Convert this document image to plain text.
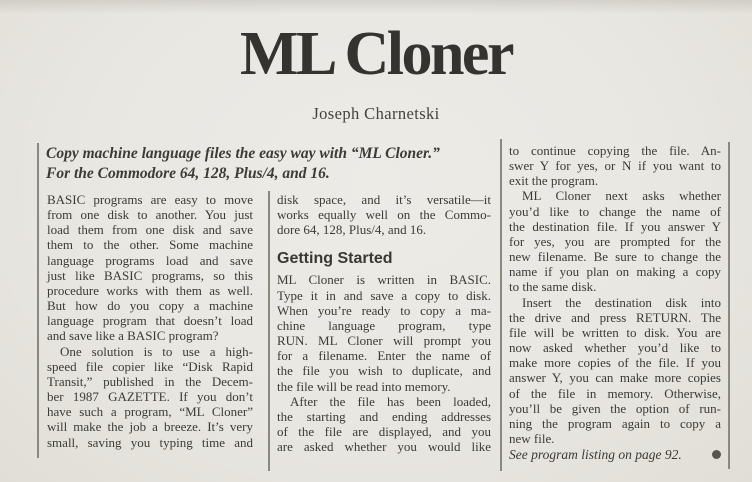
ML Cloner
Joseph Charnetski
Copy machine language files the easy way with “ML Cloner.”
For the Commodore 64, 128, Plus/4, and 16.
BASIC programs are easy to move
from one disk to another. You just
load them from one disk and save
them to the other. Some machine
language programs load and save
just like BASIC programs, so this
procedure works with them as well.
But how do you copy a machine
language program that doesn’t load
and save like a BASIC program?
One solution is to use a high-
speed file copier like “Disk Rapid
Transit,” published in the Decem-
ber 1987 GAZETTE. If you don’t
have such a program, “ML Cloner”
will make the job a breeze. It’s very
small, saving you typing time and
disk space, and it’s versatile—it
works equally well on the Commo-
dore 64, 128, Plus/4, and 16.
Getting Started
ML Cloner is written in BASIC.
Type it in and save a copy to disk.
When you’re ready to copy a ma-
chine language program, type
RUN. ML Cloner will prompt you
for a filename. Enter the name of
the file you wish to duplicate, and
the file will be read into memory.
After the file has been loaded,
the starting and ending addresses
of the file are displayed, and you
are asked whether you would like
to continue copying the file. An-
swer Y for yes, or N if you want to
exit the program.
ML Cloner next asks whether
you’d like to change the name of
the destination file. If you answer Y
for yes, you are prompted for the
new filename. Be sure to change the
name if you plan on making a copy
to the same disk.
Insert the destination disk into
the drive and press RETURN. The
file will be written to disk. You are
now asked whether you’d like to
make more copies of the file. If you
answer Y, you can make more copies
of the file in memory. Otherwise,
you’ll be given the option of run-
ning the program again to copy a
new file.
See program listing on page 92.
